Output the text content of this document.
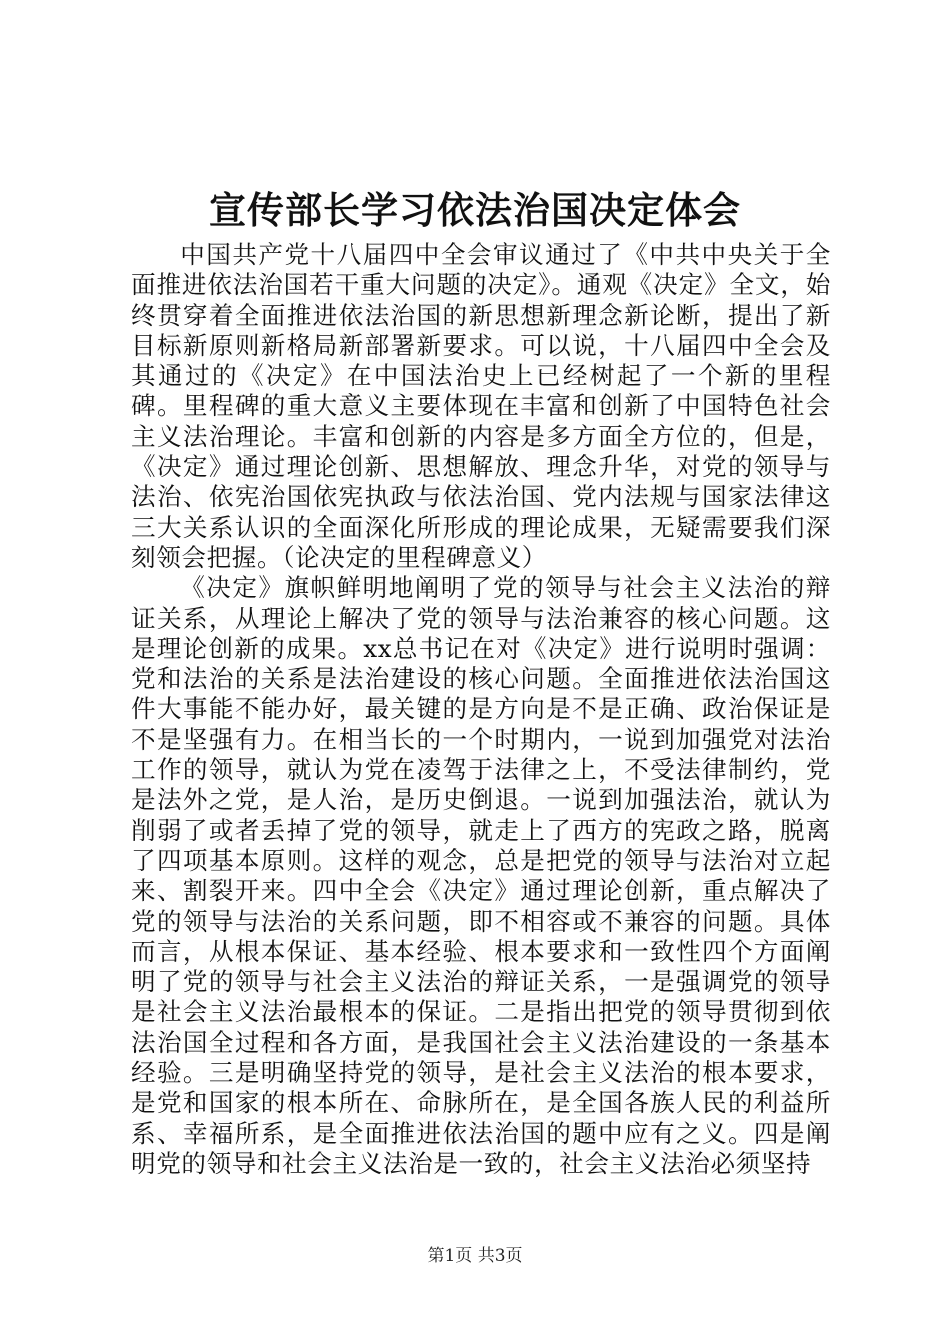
宣传部长学习依法治国决定体会

中国共产党十八届四中全会审议通过了《中共中央关于全面推进依法治国若干重大问题的决定》。通观《决定》全文，始终贯穿着全面推进依法治国的新思想新理念新论断，提出了新目标新原则新格局新部署新要求。可以说，十八届四中全会及其通过的《决定》在中国法治史上已经树起了一个新的里程碑。里程碑的重大意义主要体现在丰富和创新了中国特色社会主义法治理论。丰富和创新的内容是多方面全方位的，但是，《决定》通过理论创新、思想解放、理念升华，对党的领导与法治、依宪治国依宪执政与依法治国、党内法规与国家法律这三大关系认识的全面深化所形成的理论成果，无疑需要我们深刻领会把握。（论决定的里程碑意义）

《决定》旗帜鲜明地阐明了党的领导与社会主义法治的辩证关系，从理论上解决了党的领导与法治兼容的核心问题。这是理论创新的成果。xx总书记在对《决定》进行说明时强调：党和法治的关系是法治建设的核心问题。全面推进依法治国这件大事能不能办好，最关键的是方向是不是正确、政治保证是不是坚强有力。在相当长的一个时期内，一说到加强党对法治工作的领导，就认为党在凌驾于法律之上，不受法律制约，党是法外之党，是人治，是历史倒退。一说到加强法治，就认为削弱了或者丢掉了党的领导，就走上了西方的宪政之路，脱离了四项基本原则。这样的观念，总是把党的领导与法治对立起来、割裂开来。四中全会《决定》通过理论创新，重点解决了党的领导与法治的关系问题，即不相容或不兼容的问题。具体而言，从根本保证、基本经验、根本要求和一致性四个方面阐明了党的领导与社会主义法治的辩证关系，一是强调党的领导是社会主义法治最根本的保证。二是指出把党的领导贯彻到依法治国全过程和各方面，是我国社会主义法治建设的一条基本经验。三是明确坚持党的领导，是社会主义法治的根本要求，是党和国家的根本所在、命脉所在，是全国各族人民的利益所系、幸福所系，是全面推进依法治国的题中应有之义。四是阐明党的领导和社会主义法治是一致的，社会主义法治必须坚持

第1页 共3页
